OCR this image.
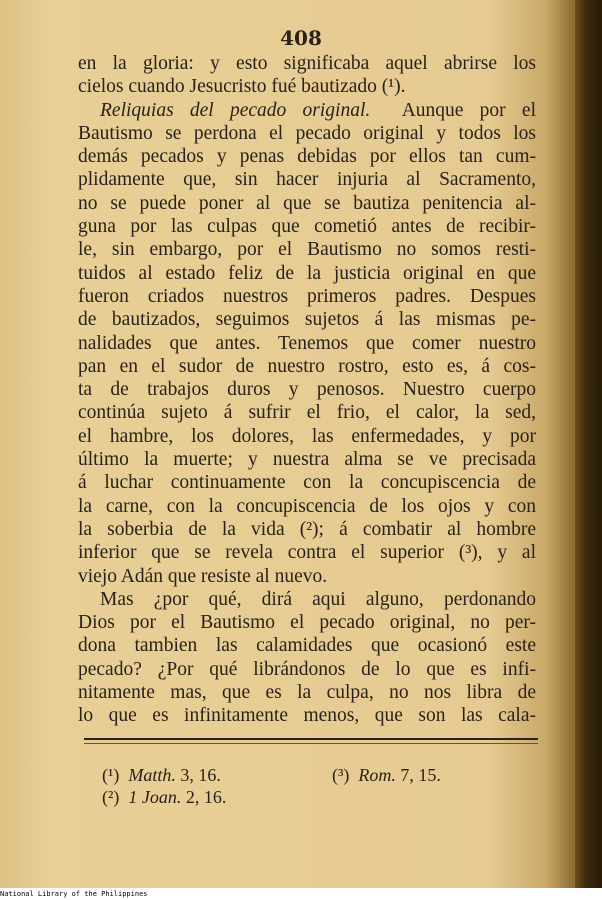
408
en la gloria: y esto significaba aquel abrirse los
cielos cuando Jesucristo fué bautizado (¹).
Reliquias del pecado original. Aunque por el
Bautismo se perdona el pecado original y todos los
demás pecados y penas debidas por ellos tan cum-
plidamente que, sin hacer injuria al Sacramento,
no se puede poner al que se bautiza penitencia al-
guna por las culpas que cometió antes de recibir-
le, sin embargo, por el Bautismo no somos resti-
tuidos al estado feliz de la justicia original en que
fueron criados nuestros primeros padres. Despues
de bautizados, seguimos sujetos á las mismas pe-
nalidades que antes. Tenemos que comer nuestro
pan en el sudor de nuestro rostro, esto es, á cos-
ta de trabajos duros y penosos. Nuestro cuerpo
continúa sujeto á sufrir el frio, el calor, la sed,
el hambre, los dolores, las enfermedades, y por
último la muerte; y nuestra alma se ve precisada
á luchar continuamente con la concupiscencia de
la carne, con la concupiscencia de los ojos y con
la soberbia de la vida (²); á combatir al hombre
inferior que se revela contra el superior (³), y al
viejo Adán que resiste al nuevo.
Mas ¿por qué, dirá aqui alguno, perdonando
Dios por el Bautismo el pecado original, no per-
dona tambien las calamidades que ocasionó este
pecado? ¿Por qué librándonos de lo que es infi-
nitamente mas, que es la culpa, no nos libra de
lo que es infinitamente menos, que son las cala-
(¹) Matth. 3, 16.
(²) 1 Joan. 2, 16.
(³) Rom. 7, 15.
National Library of the Philippines
